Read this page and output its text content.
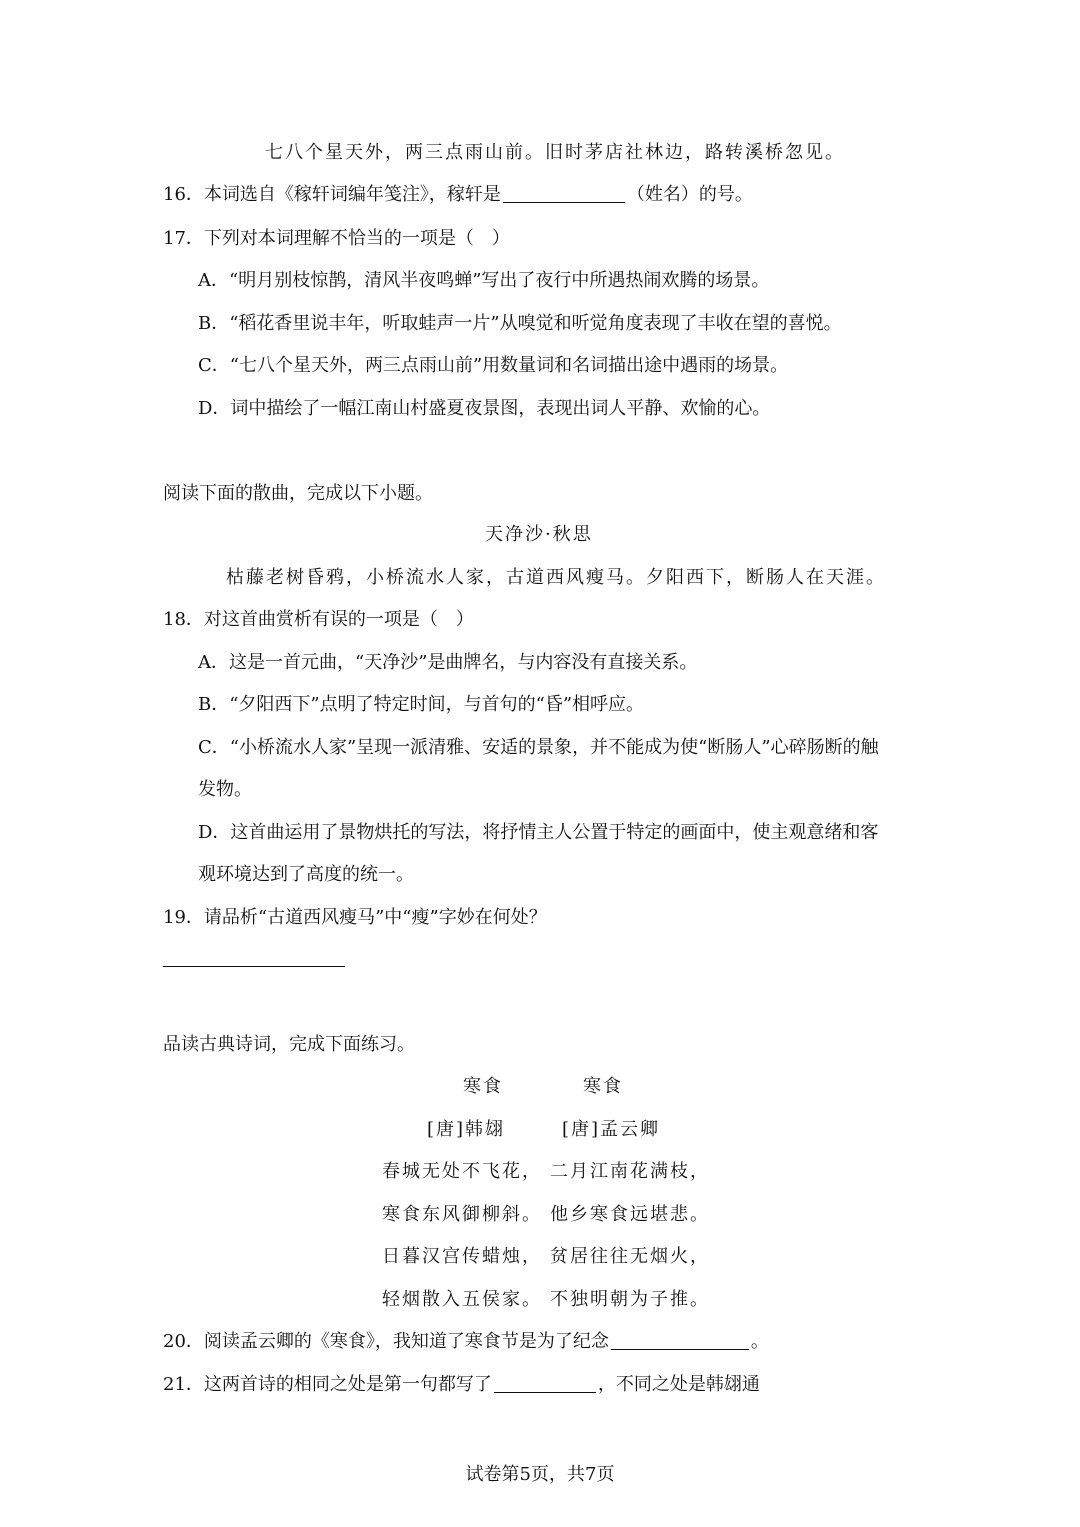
七八个星天外，两三点雨山前。旧时茅店社林边，路转溪桥忽见。
16．本词选自《稼轩词编年笺注》，稼轩是	（姓名）的号。
17．下列对本词理解不恰当的一项是（　）
A．“明月别枝惊鹊，清风半夜鸣蝉”写出了夜行中所遇热闹欢腾的场景。
B．“稻花香里说丰年，听取蛙声一片”从嗅觉和听觉角度表现了丰收在望的喜悦。
C．“七八个星天外，两三点雨山前”用数量词和名词描出途中遇雨的场景。
D．词中描绘了一幅江南山村盛夏夜景图，表现出词人平静、欢愉的心。
阅读下面的散曲，完成以下小题。
天净沙·秋思
枯藤老树昏鸦，小桥流水人家，古道西风瘦马。夕阳西下，断肠人在天涯。
18．对这首曲赏析有误的一项是（　）
A．这是一首元曲，“天净沙”是曲牌名，与内容没有直接关系。
B．“夕阳西下”点明了特定时间，与首句的“昏”相呼应。
C．“小桥流水人家”呈现一派清雅、安适的景象，并不能成为使“断肠人”心碎肠断的触
发物。
D．这首曲运用了景物烘托的写法，将抒情主人公置于特定的画面中，使主观意绪和客
观环境达到了高度的统一。
19．请品析“古道西风瘦马”中“瘦”字妙在何处？
品读古典诗词，完成下面练习。
寒食	寒食
[唐]韩翃	[唐]孟云卿
春城无处不飞花， 二月江南花满枝，
寒食东风御柳斜。 他乡寒食远堪悲。
日暮汉宫传蜡烛， 贫居往往无烟火，
轻烟散入五侯家。 不独明朝为子推。
20．阅读孟云卿的《寒食》，我知道了寒食节是为了纪念	。
21．这两首诗的相同之处是第一句都写了	，不同之处是韩翃通
试卷第5页，共7页
